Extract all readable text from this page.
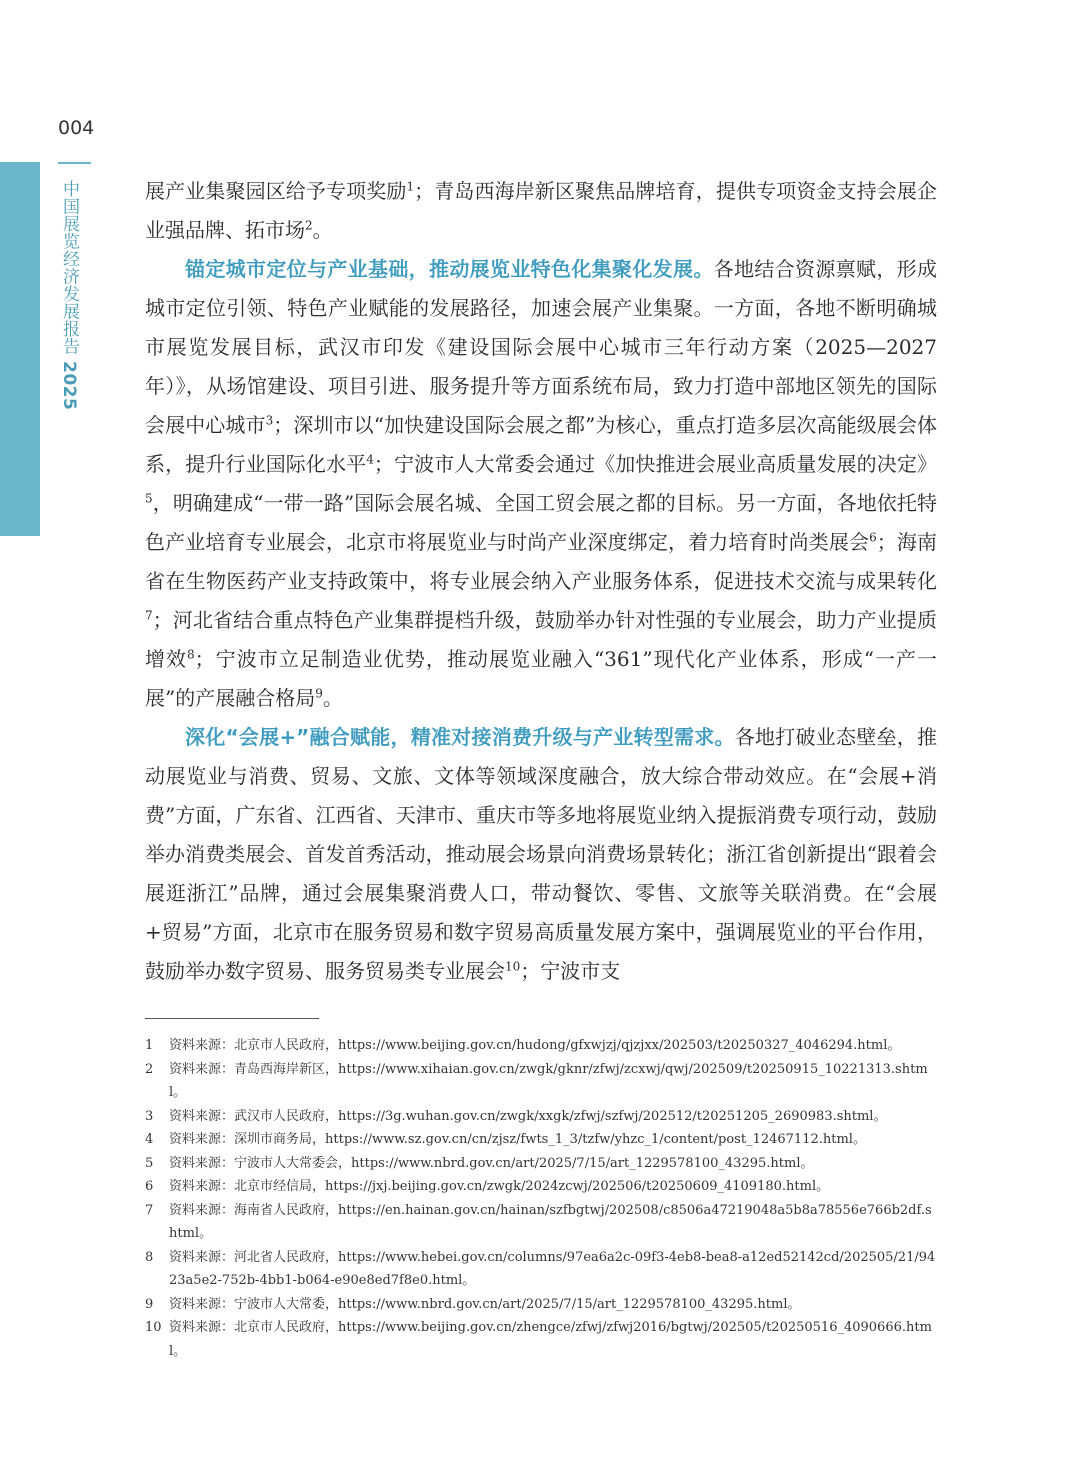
004
中国展览经济发展报告2025

展产业集聚园区给予专项奖励$^1$；青岛西海岸新区聚焦品牌培育，提供专项资金支持会展企业强品牌、拓市场$^2$。

锚定城市定位与产业基础，推动展览业特色化集聚化发展。各地结合资源禀赋，形成城市定位引领、特色产业赋能的发展路径，加速会展产业集聚。一方面，各地不断明确城市展览发展目标，武汉市印发《建设国际会展中心城市三年行动方案（2025—2027年）》，从场馆建设、项目引进、服务提升等方面系统布局，致力打造中部地区领先的国际会展中心城市$^3$；深圳市以“加快建设国际会展之都”为核心，重点打造多层次高能级展会体系，提升行业国际化水平$^4$；宁波市人大常委会通过《加快推进会展业高质量发展的决定》$^5$，明确建成“一带一路”国际会展名城、全国工贸会展之都的目标。另一方面，各地依托特色产业培育专业展会，北京市将展览业与时尚产业深度绑定，着力培育时尚类展会$^6$；海南省在生物医药产业支持政策中，将专业展会纳入产业服务体系，促进技术交流与成果转化$^7$；河北省结合重点特色产业集群提档升级，鼓励举办针对性强的专业展会，助力产业提质增效$^8$；宁波市立足制造业优势，推动展览业融入“361”现代化产业体系，形成“一产一展”的产展融合格局$^9$。

深化“会展+”融合赋能，精准对接消费升级与产业转型需求。各地打破业态壁垒，推动展览业与消费、贸易、文旅、文体等领域深度融合，放大综合带动效应。在“会展+消费”方面，广东省、江西省、天津市、重庆市等多地将展览业纳入提振消费专项行动，鼓励举办消费类展会、首发首秀活动，推动展会场景向消费场景转化；浙江省创新提出“跟着会展逛浙江”品牌，通过会展集聚消费人口，带动餐饮、零售、文旅等关联消费。在“会展+贸易”方面，北京市在服务贸易和数字贸易高质量发展方案中，强调展览业的平台作用，鼓励举办数字贸易、服务贸易类专业展会$^{10}$；宁波市支

1	资料来源：北京市人民政府，https://www.beijing.gov.cn/hudong/gfxwjzj/qjzjxx/202503/t20250327_4046294.html。
2	资料来源：青岛西海岸新区，https://www.xihaian.gov.cn/zwgk/gknr/zfwj/zcxwj/qwj/202509/t20250915_10221313.shtml。
3	资料来源：武汉市人民政府，https://3g.wuhan.gov.cn/zwgk/xxgk/zfwj/szfwj/202512/t20251205_2690983.shtml。
4	资料来源：深圳市商务局，https://www.sz.gov.cn/cn/zjsz/fwts_1_3/tzfw/yhzc_1/content/post_12467112.html。
5	资料来源：宁波市人大常委会，https://www.nbrd.gov.cn/art/2025/7/15/art_1229578100_43295.html。
6	资料来源：北京市经信局，https://jxj.beijing.gov.cn/zwgk/2024zcwj/202506/t20250609_4109180.html。
7	资料来源：海南省人民政府，https://en.hainan.gov.cn/hainan/szfbgtwj/202508/c8506a47219048a5b8a78556e766b2df.shtml。
8	资料来源：河北省人民政府，https://www.hebei.gov.cn/columns/97ea6a2c-09f3-4eb8-bea8-a12ed52142cd/202505/21/9423a5e2-752b-4bb1-b064-e90e8ed7f8e0.html。
9	资料来源：宁波市人大常委，https://www.nbrd.gov.cn/art/2025/7/15/art_1229578100_43295.html。
10 资料来源：北京市人民政府，https://www.beijing.gov.cn/zhengce/zfwj/zfwj2016/bgtwj/202505/t20250516_4090666.html。
